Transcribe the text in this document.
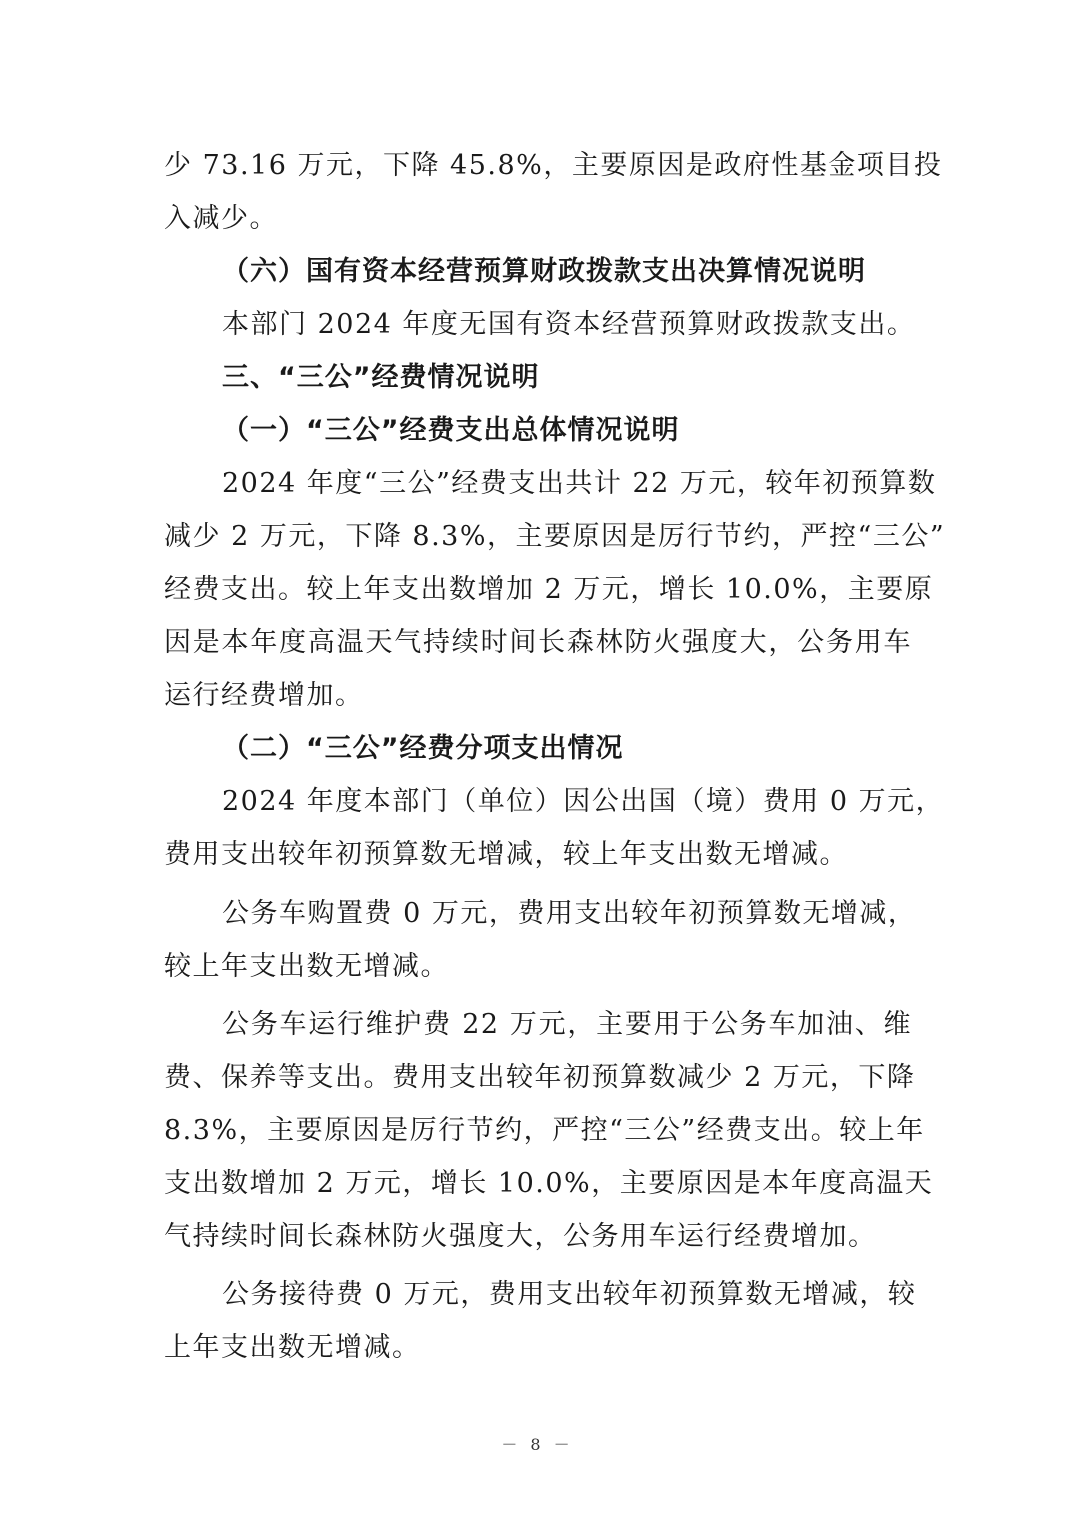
少 73.16 万元，下降 45.8%，主要原因是政府性基金项目投
入减少。
（六）国有资本经营预算财政拨款支出决算情况说明
本部门 2024 年度无国有资本经营预算财政拨款支出。
三、“三公”经费情况说明
（一）“三公”经费支出总体情况说明
2024 年度“三公”经费支出共计 22 万元，较年初预算数
减少 2 万元，下降 8.3%，主要原因是厉行节约，严控“三公”
经费支出。较上年支出数增加 2 万元，增长 10.0%，主要原
因是本年度高温天气持续时间长森林防火强度大，公务用车
运行经费增加。
（二）“三公”经费分项支出情况
2024 年度本部门（单位）因公出国（境）费用 0 万元，
费用支出较年初预算数无增减，较上年支出数无增减。
公务车购置费 0 万元，费用支出较年初预算数无增减，
较上年支出数无增减。
公务车运行维护费 22 万元，主要用于公务车加油、维
费、保养等支出。费用支出较年初预算数减少 2 万元，下降
8.3%，主要原因是厉行节约，严控“三公”经费支出。较上年
支出数增加 2 万元，增长 10.0%，主要原因是本年度高温天
气持续时间长森林防火强度大，公务用车运行经费增加。
公务接待费 0 万元，费用支出较年初预算数无增减，较
上年支出数无增减。
－ 8 －
